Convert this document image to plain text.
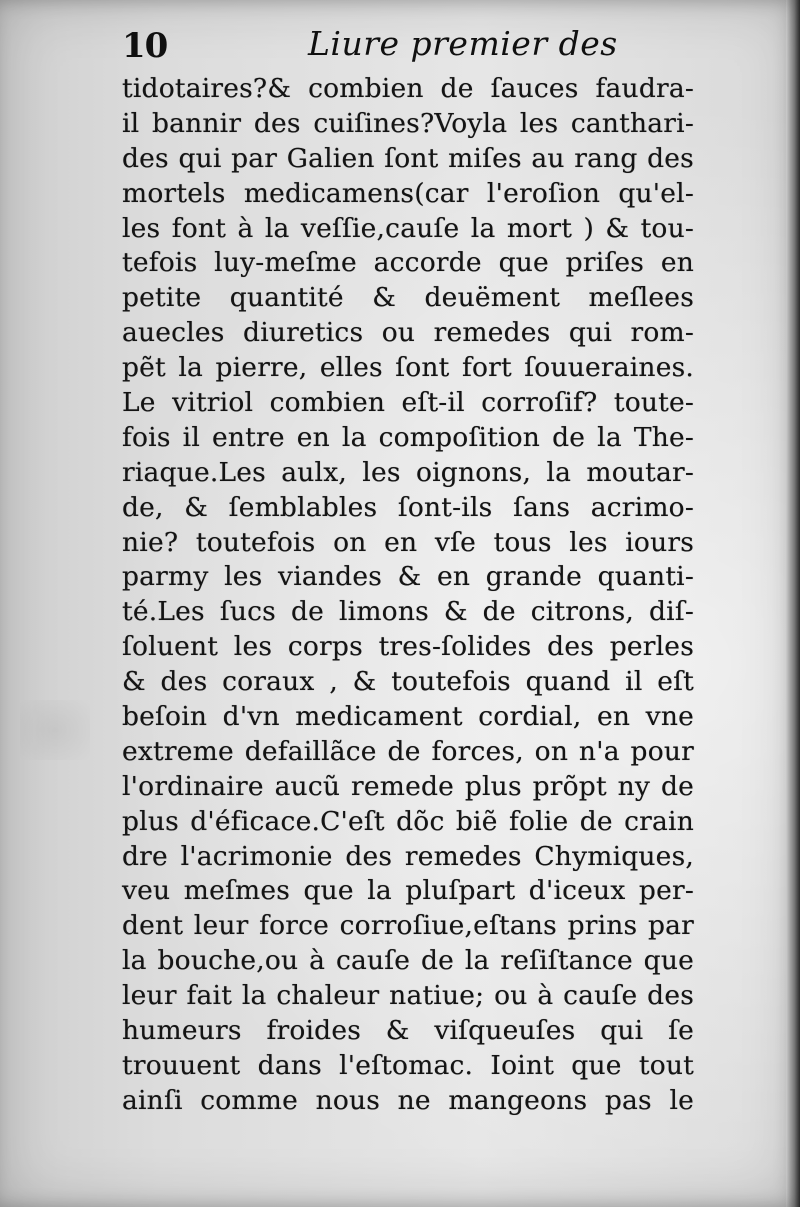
10	Liure premier des
tidotaires?& combien de ſauces faudra-
il bannir des cuiſines?Voyla les canthari-
des qui par Galien ſont miſes au rang des
mortels medicamens(car l'eroſion qu'el-
les font à la veſſie,cauſe la mort ) & tou-
tefois luy-meſme accorde que priſes en
petite quantité & deuëment meſlees
auecles diuretics ou remedes qui rom-
pẽt la pierre, elles ſont fort ſouueraines.
Le vitriol combien eſt-il corroſif? toute-
fois il entre en la compoſition de la The-
riaque.Les aulx, les oignons, la moutar-
de, & ſemblables ſont-ils ſans acrimo-
nie? toutefois on en vſe tous les iours
parmy les viandes & en grande quanti-
té.Les ſucs de limons & de citrons, diſ-
ſoluent les corps tres-ſolides des perles
& des coraux , & toutefois quand il eſt
beſoin d'vn medicament cordial, en vne
extreme defaillãce de forces, on n'a pour
l'ordinaire aucũ remede plus prõpt ny de
plus d'éficace.C'eſt dõc biẽ folie de crain
dre l'acrimonie des remedes Chymiques,
veu meſmes que la pluſpart d'iceux per-
dent leur force corroſiue,eſtans prins par
la bouche,ou à cauſe de la reſiſtance que
leur fait la chaleur natiue; ou à cauſe des
humeurs froides & viſqueuſes qui ſe
trouuent dans l'eſtomac. Ioint que tout
ainſi comme nous ne mangeons pas le
